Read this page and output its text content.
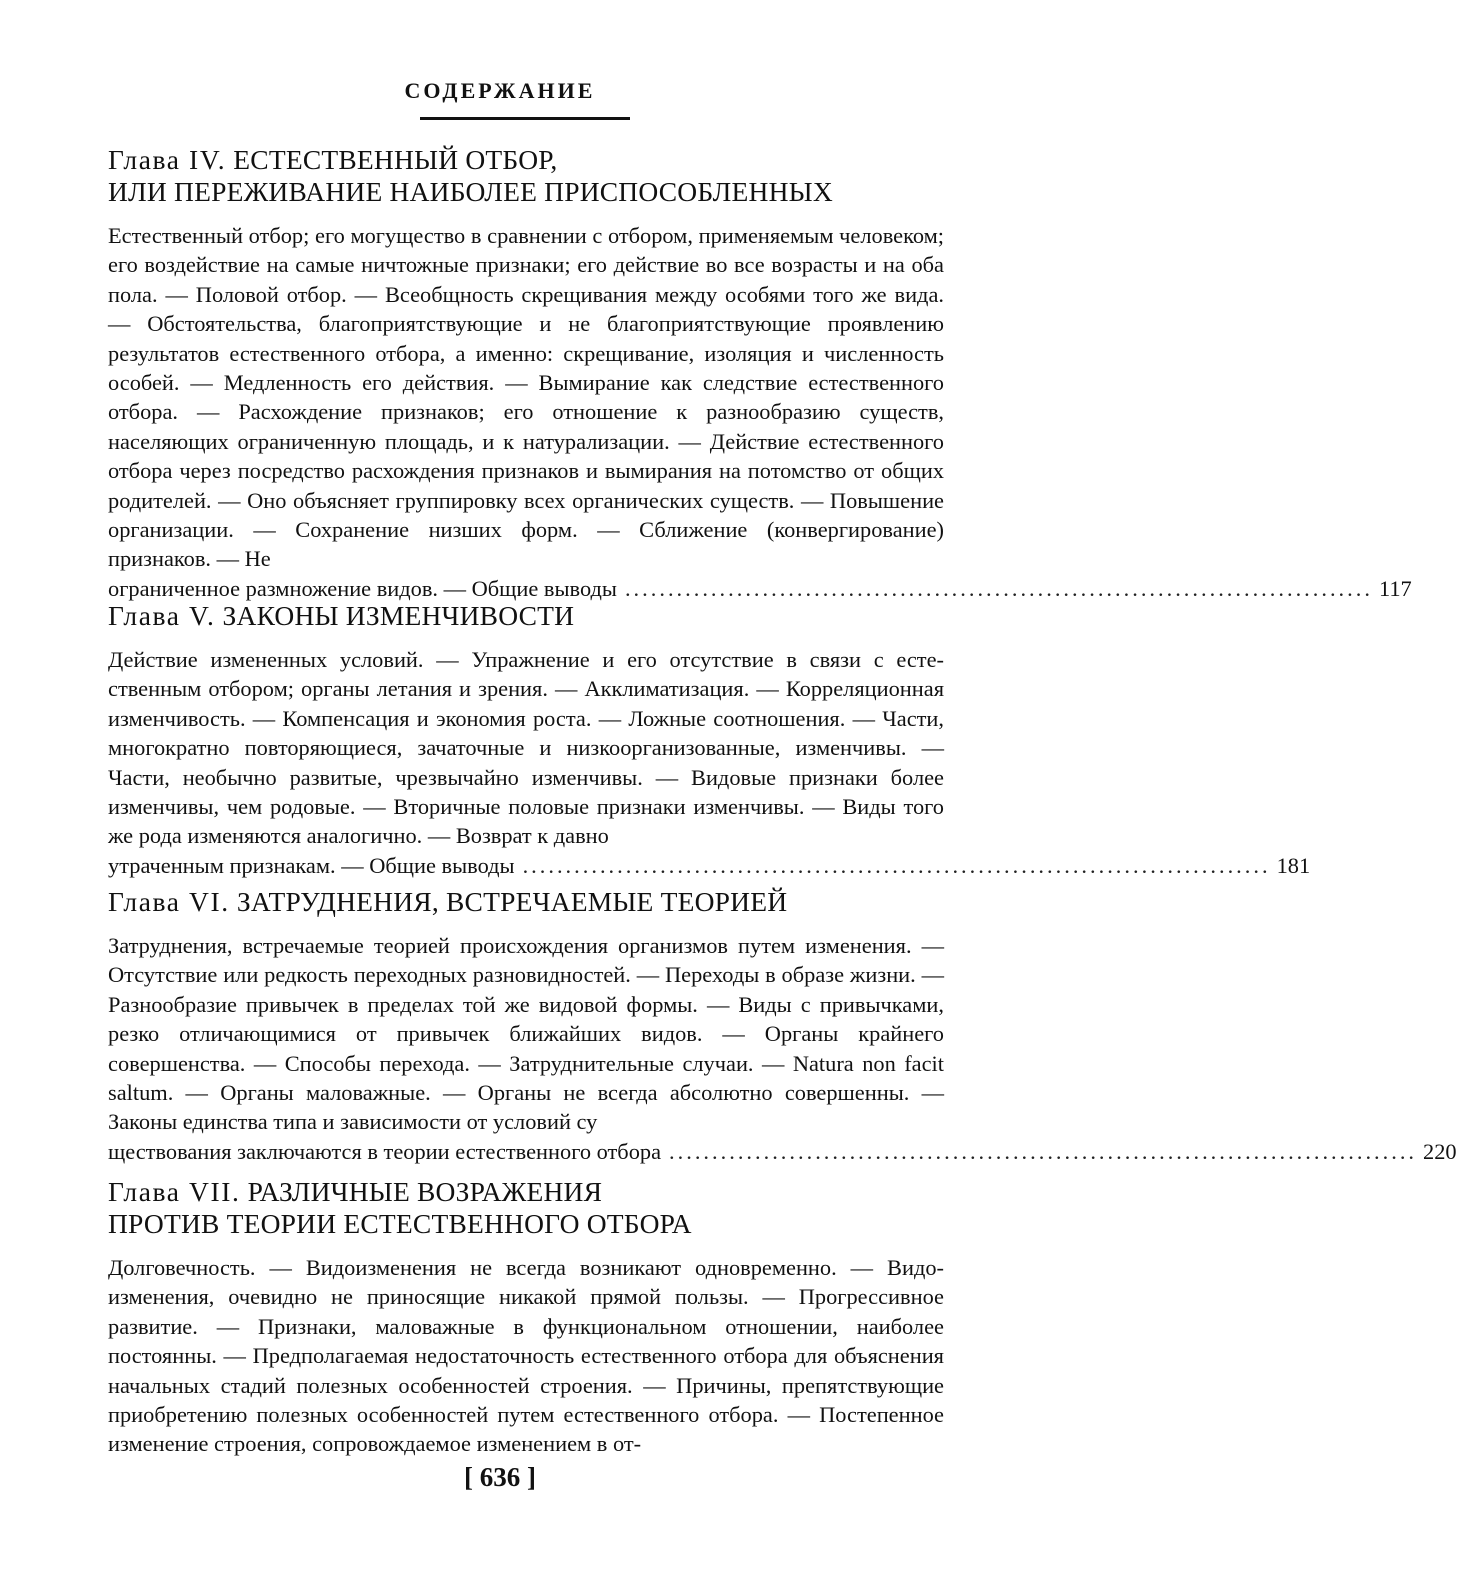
СОДЕРЖАНИЕ
Глава IV. ЕСТЕСТВЕННЫЙ ОТБОР,
ИЛИ ПЕРЕЖИВАНИЕ НАИБОЛЕЕ ПРИСПОСОБЛЕННЫХ

Естественный отбор; его могущество в сравнении с отбором, применяемым человеком; его воздействие на самые ничтожные признаки; его действие во все возрасты и на оба пола. — Половой отбор. — Всеобщность скрещивания между особями того же вида. — Обстоятельства, благоприятствующие и не благоприятствующие проявлению результатов естественного отбора, а именно: скрещивание, изоляция и численность особей. — Медленность его действия. — Вымирание как следствие естественного отбора. — Расхождение признаков; его отношение к разнообразию существ, населяющих ограниченную площадь, и к натурализации. — Действие естественного отбора через посредство расхождения признаков и вымирания на потомство от общих родителей. — Оно объясняет группировку всех органических существ. — Повышение организации. — Сохранение низших форм. — Сближение (конвергирование) признаков. — Не

ограниченное размножение видов. — Общие выводы ....................................................................................... 117
Глава V. ЗАКОНЫ ИЗМЕНЧИВОСТИ

Действие измененных условий. — Упражнение и его отсутствие в связи с естественным отбором; органы летания и зрения. — Акклиматизация. — Корреляционная изменчивость. — Компенсация и экономия роста. — Ложные соотношения. — Части, многократно повторяющиеся, зачаточные и низкоорганизованные, изменчивы. — Части, необычно развитые, чрезвычайно изменчивы. — Видовые признаки более изменчивы, чем родовые. — Вторичные половые признаки изменчивы. — Виды того же рода изменяются аналогично. — Возврат к давно

утраченным признакам. — Общие выводы ....................................................................................... 181
Глава VI. ЗАТРУДНЕНИЯ, ВСТРЕЧАЕМЫЕ ТЕОРИЕЙ

Затруднения, встречаемые теорией происхождения организмов путем изменения. — Отсутствие или редкость переходных разновидностей. — Переходы в образе жизни. — Разнообразие привычек в пределах той же видовой формы. — Виды с привычками, резко отличающимися от привычек ближайших видов. — Органы крайнего совершенства. — Способы перехода. — Затруднительные случаи. — Natura non facit saltum. — Органы маловажные. — Органы не всегда абсолютно совершенны. — Законы единства типа и зависимости от условий су

ществования заключаются в теории естественного отбора ....................................................................................... 220
Глава VII. РАЗЛИЧНЫЕ ВОЗРАЖЕНИЯ
ПРОТИВ ТЕОРИИ ЕСТЕСТВЕННОГО ОТБОРА

Долговечность. — Видоизменения не всегда возникают одновременно. — Видоизменения, очевидно не приносящие никакой прямой пользы. — Прогрессивное развитие. — Признаки, маловажные в функциональном отношении, наиболее постоянны. — Предполагаемая недостаточность естественного отбора для объяснения начальных стадий полезных особенностей строения. — Причины, препятствующие приобретению полезных особенностей путем естественного отбора. — Постепенное изменение строения, сопровождаемое изменением в от-

[ 636 ]
